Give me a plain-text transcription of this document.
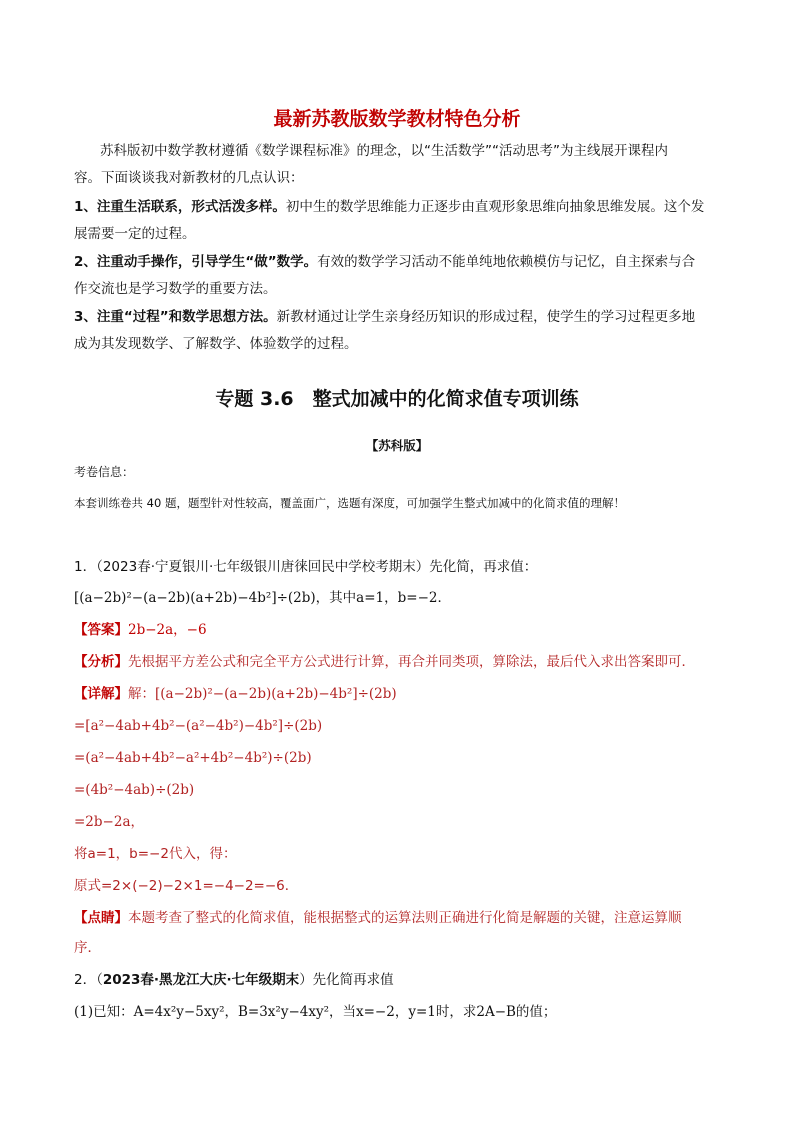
最新苏教版数学教材特色分析
苏科版初中数学教材遵循《数学课程标准》的理念，以“生活数学”“活动思考”为主线展开课程内
容。下面谈谈我对新教材的几点认识：
1、注重生活联系，形式活泼多样。初中生的数学思维能力正逐步由直观形象思维向抽象思维发展。这个发
展需要一定的过程。
2、注重动手操作，引导学生“做”数学。有效的数学学习活动不能单纯地依赖模仿与记忆，自主探索与合
作交流也是学习数学的重要方法。
3、注重“过程”和数学思想方法。新教材通过让学生亲身经历知识的形成过程，使学生的学习过程更多地
成为其发现数学、了解数学、体验数学的过程。
专题 3.6　整式加减中的化简求值专项训练
【苏科版】
考卷信息：
本套训练卷共 40 题，题型针对性较高，覆盖面广，选题有深度，可加强学生整式加减中的化简求值的理解！
1．（2023春·宁夏银川·七年级银川唐徕回民中学校考期末）先化简，再求值：
[(a−2b)²−(a−2b)(a+2b)−4b²]÷(2b)，其中a=1，b=−2．
【答案】2b−2a，−6
【分析】先根据平方差公式和完全平方公式进行计算，再合并同类项，算除法，最后代入求出答案即可．
【详解】解：[(a−2b)²−(a−2b)(a+2b)−4b²]÷(2b)
=[a²−4ab+4b²−(a²−4b²)−4b²]÷(2b)
=(a²−4ab+4b²−a²+4b²−4b²)÷(2b)
=(4b²−4ab)÷(2b)
=2b−2a，
将a=1，b=−2代入，得：
原式=2×(−2)−2×1=−4−2=−6．
【点睛】本题考查了整式的化简求值，能根据整式的运算法则正确进行化简是解题的关键，注意运算顺
序．
2．（2023春·黑龙江大庆·七年级期末）先化简再求值
(1)已知：A=4x²y−5xy²，B=3x²y−4xy²，当x=−2，y=1时，求2A−B的值；
